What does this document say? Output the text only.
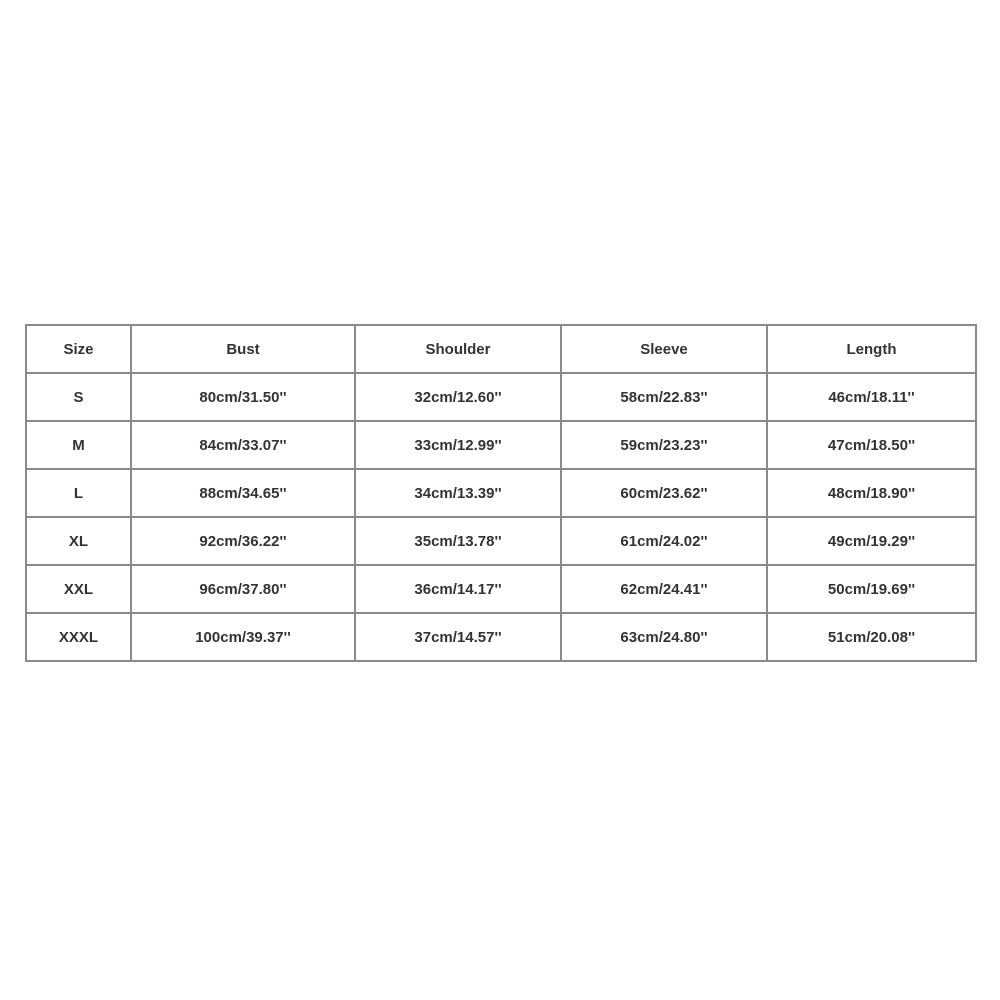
Size	Bust	Shoulder	Sleeve	Length
S	80cm/31.50''	32cm/12.60''	58cm/22.83''	46cm/18.11''
M	84cm/33.07''	33cm/12.99''	59cm/23.23''	47cm/18.50''
L	88cm/34.65''	34cm/13.39''	60cm/23.62''	48cm/18.90''
XL	92cm/36.22''	35cm/13.78''	61cm/24.02''	49cm/19.29''
XXL	96cm/37.80''	36cm/14.17''	62cm/24.41''	50cm/19.69''
XXXL	100cm/39.37''	37cm/14.57''	63cm/24.80''	51cm/20.08''
